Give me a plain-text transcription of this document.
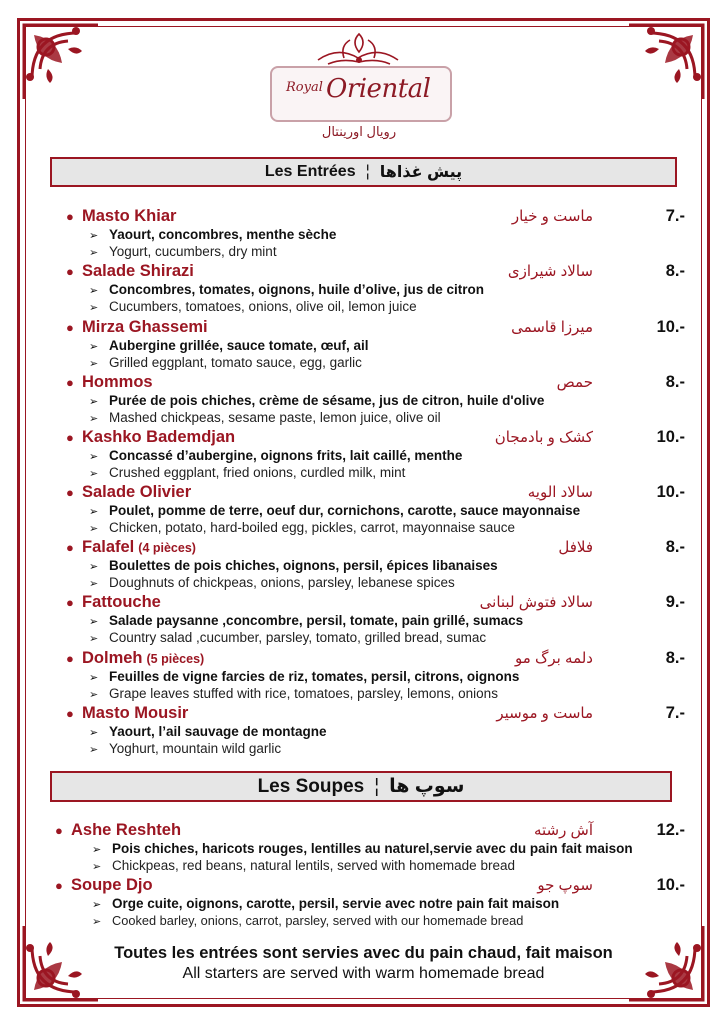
Royal Oriental
رویال اورینتال
Les Entrées ¦ پیش غذاها
● Masto Khiar	ماست و خیار	7.-
➢ Yaourt, concombres, menthe sèche
➢ Yogurt, cucumbers, dry mint
● Salade Shirazi	سالاد شیرازی	8.-
➢ Concombres, tomates, oignons, huile d’olive, jus de citron
➢ Cucumbers, tomatoes, onions, olive oil, lemon juice
● Mirza Ghassemi	میرزا قاسمی	10.-
➢ Aubergine grillée, sauce tomate, œuf, ail
➢ Grilled eggplant, tomato sauce, egg, garlic
● Hommos	حمص	8.-
➢ Purée de pois chiches, crème de sésame, jus de citron, huile d'olive
➢ Mashed chickpeas, sesame paste, lemon juice, olive oil
● Kashko Bademdjan	کشک و بادمجان	10.-
➢ Concassé d’aubergine, oignons frits, lait caillé, menthe
➢ Crushed eggplant, fried onions, curdled milk, mint
● Salade Olivier	سالاد الویه	10.-
➢ Poulet, pomme de terre, oeuf dur, cornichons, carotte, sauce mayonnaise
➢ Chicken, potato, hard-boiled egg, pickles, carrot, mayonnaise sauce
● Falafel (4 pièces)	فلافل	8.-
➢ Boulettes de pois chiches, oignons, persil, épices libanaises
➢ Doughnuts of chickpeas, onions, parsley, lebanese spices
● Fattouche	سالاد فتوش لبنانی	9.-
➢ Salade paysanne ,concombre, persil, tomate, pain grillé, sumacs
➢ Country salad ,cucumber, parsley, tomato, grilled bread, sumac
● Dolmeh (5 pièces)	دلمه برگ مو	8.-
➢ Feuilles de vigne farcies de riz, tomates, persil, citrons, oignons
➢ Grape leaves stuffed with rice, tomatoes, parsley, lemons, onions
● Masto Mousir	ماست و موسیر	7.-
➢ Yaourt, l’ail sauvage de montagne
➢ Yoghurt, mountain wild garlic
Les Soupes ¦ سوپ ها
● Ashe Reshteh	آش رشته	12.-
➢ Pois chiches, haricots rouges, lentilles au naturel,servie avec du pain fait maison
➢ Chickpeas, red beans, natural lentils, served with homemade bread
● Soupe Djo	سوپ جو	10.-
➢ Orge cuite, oignons, carotte, persil, servie avec notre pain fait maison
➢ Cooked barley, onions, carrot, parsley, served with our homemade bread
Toutes les entrées sont servies avec du pain chaud, fait maison
All starters are served with warm homemade bread
